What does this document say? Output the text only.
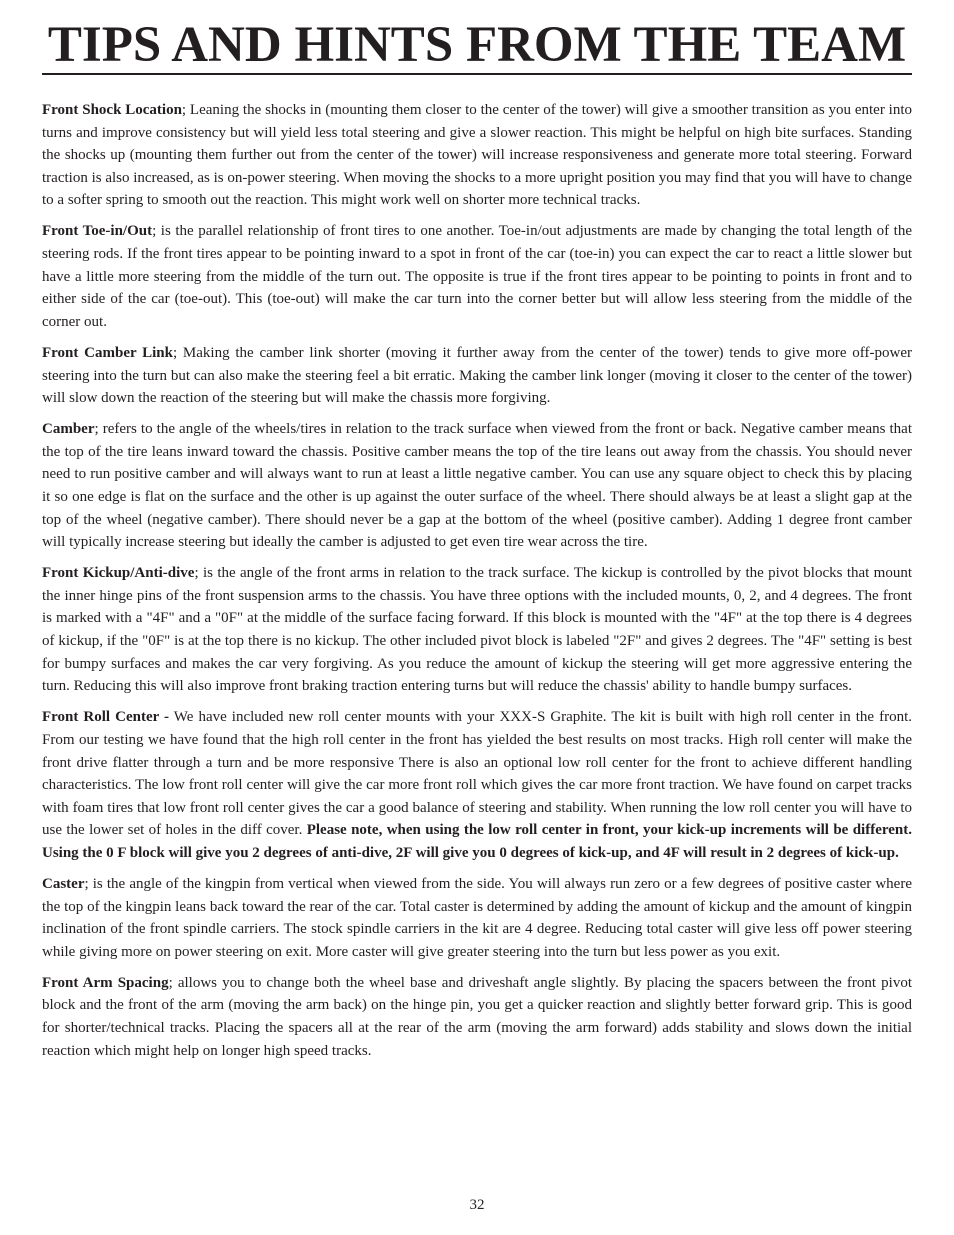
TIPS AND HINTS FROM THE TEAM

Front Shock Location; Leaning the shocks in (mounting them closer to the center of the tower) will give a smoother transition as you enter into turns and improve consistency but will yield less total steering and give a slower reaction. This might be helpful on high bite surfaces. Standing the shocks up (mounting them further out from the center of the tower) will increase responsiveness and generate more total steering. Forward traction is also increased, as is on-power steering. When moving the shocks to a more upright position you may find that you will have to change to a softer spring to smooth out the reaction. This might work well on shorter more technical tracks.

Front Toe-in/Out; is the parallel relationship of front tires to one another. Toe-in/out adjustments are made by changing the total length of the steering rods. If the front tires appear to be pointing inward to a spot in front of the car (toe-in) you can expect the car to react a little slower but have a little more steering from the middle of the turn out. The opposite is true if the front tires appear to be pointing to points in front and to either side of the car (toe-out). This (toe-out) will make the car turn into the corner better but will allow less steering from the middle of the corner out.

Front Camber Link; Making the camber link shorter (moving it further away from the center of the tower) tends to give more off-power steering into the turn but can also make the steering feel a bit erratic. Making the camber link longer (moving it closer to the center of the tower) will slow down the reaction of the steering but will make the chassis more forgiving.

Camber; refers to the angle of the wheels/tires in relation to the track surface when viewed from the front or back. Negative camber means that the top of the tire leans inward toward the chassis. Positive camber means the top of the tire leans out away from the chassis. You should never need to run positive camber and will always want to run at least a little negative camber. You can use any square object to check this by placing it so one edge is flat on the surface and the other is up against the outer surface of the wheel. There should always be at least a slight gap at the top of the wheel (negative camber). There should never be a gap at the bottom of the wheel (positive camber). Adding 1 degree front camber will typically increase steering but ideally the camber is adjusted to get even tire wear across the tire.

Front Kickup/Anti-dive; is the angle of the front arms in relation to the track surface. The kickup is controlled by the pivot blocks that mount the inner hinge pins of the front suspension arms to the chassis. You have three options with the included mounts, 0, 2, and 4 degrees. The front is marked with a "4F" and a "0F" at the middle of the surface facing forward. If this block is mounted with the "4F" at the top there is 4 degrees of kickup, if the "0F" is at the top there is no kickup. The other included pivot block is labeled "2F" and gives 2 degrees. The "4F" setting is best for bumpy surfaces and makes the car very forgiving. As you reduce the amount of kickup the steering will get more aggressive entering the turn. Reducing this will also improve front braking traction entering turns but will reduce the chassis' ability to handle bumpy surfaces.

Front Roll Center - We have included new roll center mounts with your XXX-S Graphite. The kit is built with high roll center in the front. From our testing we have found that the high roll center in the front has yielded the best results on most tracks. High roll center will make the front drive flatter through a turn and be more responsive There is also an optional low roll center for the front to achieve different handling characteristics. The low front roll center will give the car more front roll which gives the car more front traction. We have found on carpet tracks with foam tires that low front roll center gives the car a good balance of steering and stability. When running the low roll center you will have to use the lower set of holes in the diff cover. Please note, when using the low roll center in front, your kick-up increments will be different. Using the 0 F block will give you 2 degrees of anti-dive, 2F will give you 0 degrees of kick-up, and 4F will result in 2 degrees of kick-up.

Caster; is the angle of the kingpin from vertical when viewed from the side. You will always run zero or a few degrees of positive caster where the top of the kingpin leans back toward the rear of the car. Total caster is determined by adding the amount of kickup and the amount of kingpin inclination of the front spindle carriers. The stock spindle carriers in the kit are 4 degree. Reducing total caster will give less off power steering while giving more on power steering on exit. More caster will give greater steering into the turn but less power as you exit.

Front Arm Spacing; allows you to change both the wheel base and driveshaft angle slightly. By placing the spacers between the front pivot block and the front of the arm (moving the arm back) on the hinge pin, you get a quicker reaction and slightly better forward grip. This is good for shorter/technical tracks. Placing the spacers all at the rear of the arm (moving the arm forward) adds stability and slows down the initial reaction which might help on longer high speed tracks.

32
